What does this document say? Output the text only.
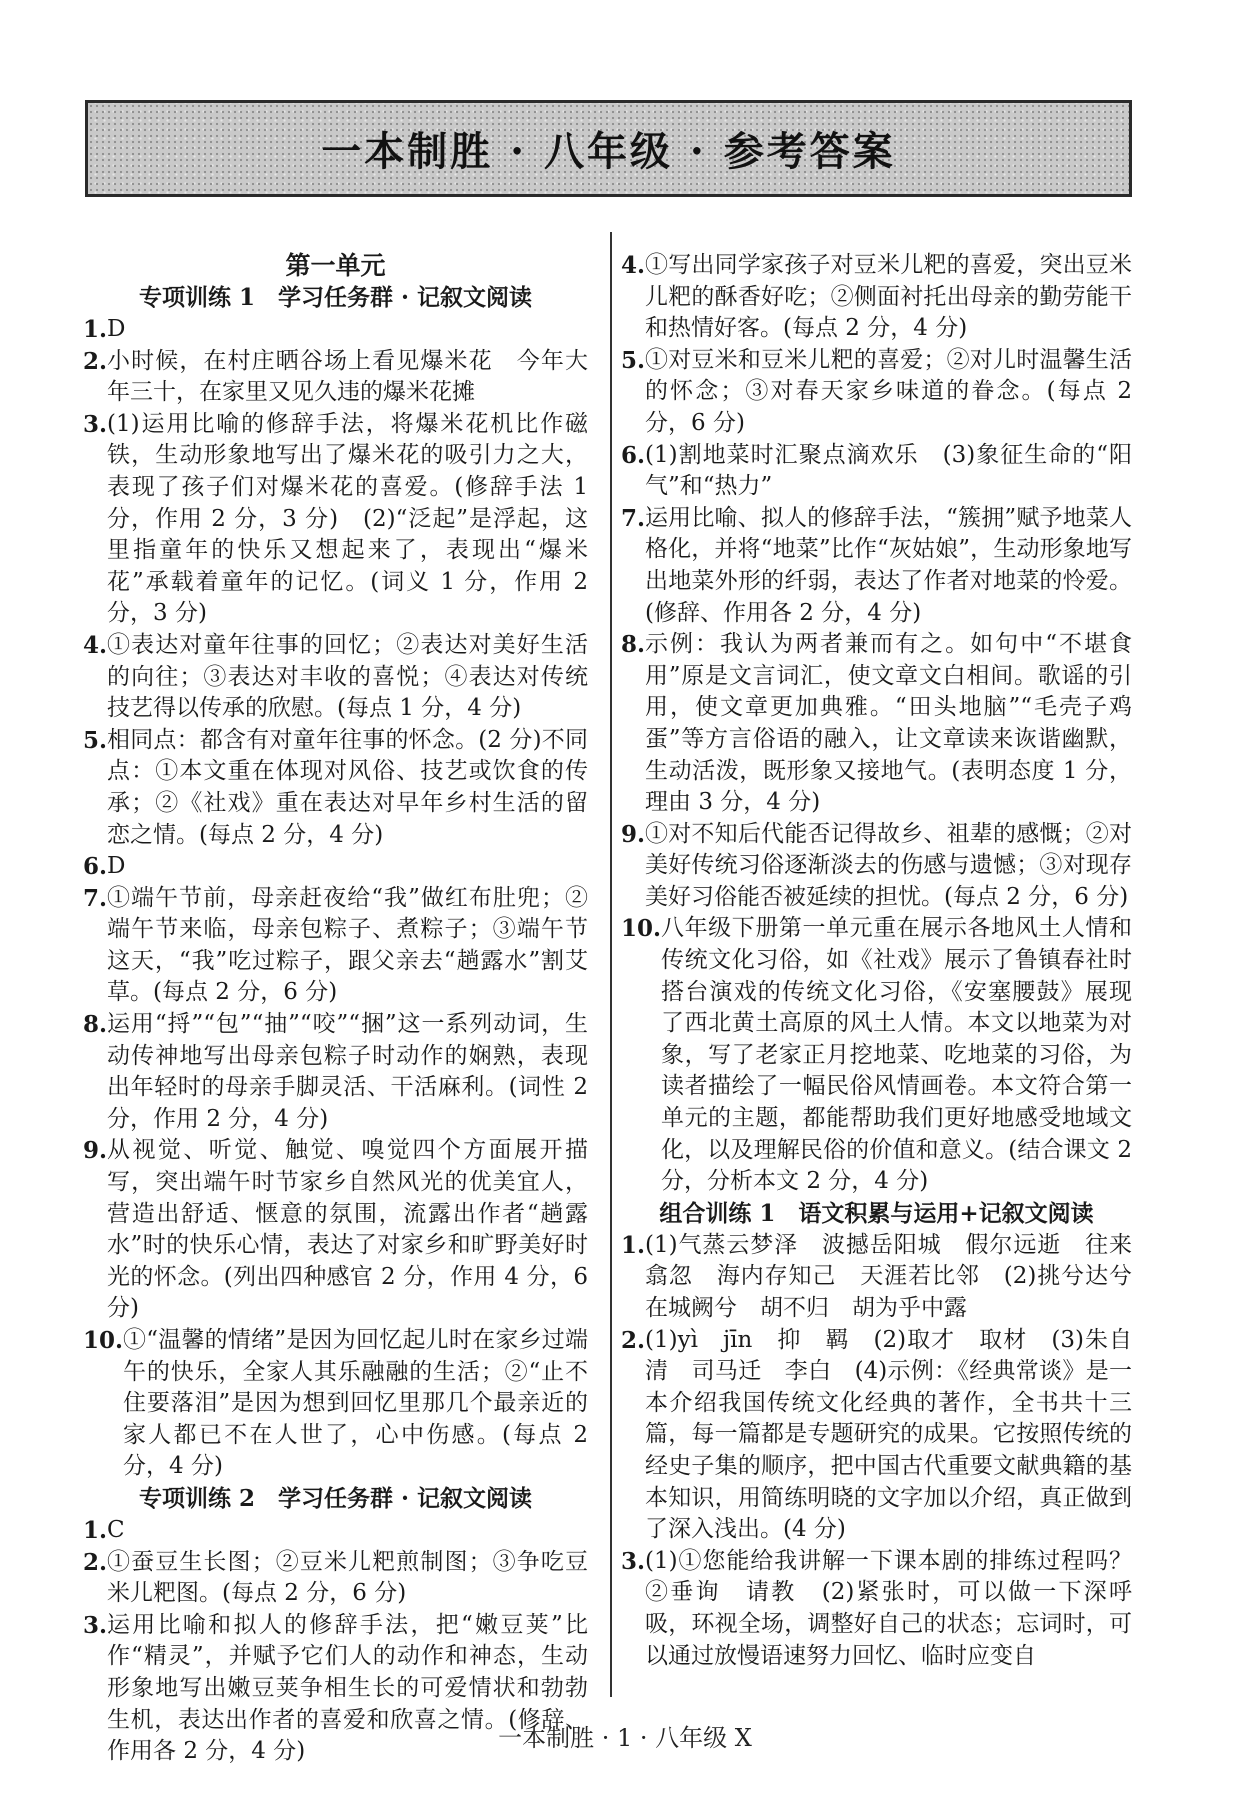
一本制胜 · 八年级 · 参考答案
第一单元
专项训练 1　学习任务群 · 记叙文阅读
1. D
2. 小时候，在村庄晒谷场上看见爆米花　今年大年三十，在家里又见久违的爆米花摊
3. (1)运用比喻的修辞手法，将爆米花机比作磁铁，生动形象地写出了爆米花的吸引力之大，表现了孩子们对爆米花的喜爱。(修辞手法 1 分，作用 2 分，3 分)　(2)“泛起”是浮起，这里指童年的快乐又想起来了，表现出“爆米花”承载着童年的记忆。(词义 1 分，作用 2 分，3 分)
4. ①表达对童年往事的回忆；②表达对美好生活的向往；③表达对丰收的喜悦；④表达对传统技艺得以传承的欣慰。(每点 1 分，4 分)
5. 相同点：都含有对童年往事的怀念。(2 分)不同点：①本文重在体现对风俗、技艺或饮食的传承；②《社戏》重在表达对早年乡村生活的留恋之情。(每点 2 分，4 分)
6. D
7. ①端午节前，母亲赶夜给“我”做红布肚兜；②端午节来临，母亲包粽子、煮粽子；③端午节这天，“我”吃过粽子，跟父亲去“趟露水”割艾草。(每点 2 分，6 分)
8. 运用“捋”“包”“抽”“咬”“捆”这一系列动词，生动传神地写出母亲包粽子时动作的娴熟，表现出年轻时的母亲手脚灵活、干活麻利。(词性 2 分，作用 2 分，4 分)
9. 从视觉、听觉、触觉、嗅觉四个方面展开描写，突出端午时节家乡自然风光的优美宜人，营造出舒适、惬意的氛围，流露出作者“趟露水”时的快乐心情，表达了对家乡和旷野美好时光的怀念。(列出四种感官 2 分，作用 4 分，6 分)
10. ①“温馨的情绪”是因为回忆起儿时在家乡过端午的快乐，全家人其乐融融的生活；②“止不住要落泪”是因为想到回忆里那几个最亲近的家人都已不在人世了，心中伤感。(每点 2 分，4 分)
专项训练 2　学习任务群 · 记叙文阅读
1. C
2. ①蚕豆生长图；②豆米儿粑煎制图；③争吃豆米儿粑图。(每点 2 分，6 分)
3. 运用比喻和拟人的修辞手法，把“嫩豆荚”比作“精灵”，并赋予它们人的动作和神态，生动形象地写出嫩豆荚争相生长的可爱情状和勃勃生机，表达出作者的喜爱和欣喜之情。(修辞、作用各 2 分，4 分)
4. ①写出同学家孩子对豆米儿粑的喜爱，突出豆米儿粑的酥香好吃；②侧面衬托出母亲的勤劳能干和热情好客。(每点 2 分，4 分)
5. ①对豆米和豆米儿粑的喜爱；②对儿时温馨生活的怀念；③对春天家乡味道的眷念。(每点 2 分，6 分)
6. (1)割地菜时汇聚点滴欢乐　(3)象征生命的“阳气”和“热力”
7. 运用比喻、拟人的修辞手法，“簇拥”赋予地菜人格化，并将“地菜”比作“灰姑娘”，生动形象地写出地菜外形的纤弱，表达了作者对地菜的怜爱。(修辞、作用各 2 分，4 分)
8. 示例：我认为两者兼而有之。如句中“不堪食用”原是文言词汇，使文章文白相间。歌谣的引用，使文章更加典雅。“田头地脑”“毛壳子鸡蛋”等方言俗语的融入，让文章读来诙谐幽默，生动活泼，既形象又接地气。(表明态度 1 分，理由 3 分，4 分)
9. ①对不知后代能否记得故乡、祖辈的感慨；②对美好传统习俗逐渐淡去的伤感与遗憾；③对现存美好习俗能否被延续的担忧。(每点 2 分，6 分)
10. 八年级下册第一单元重在展示各地风土人情和传统文化习俗，如《社戏》展示了鲁镇春社时搭台演戏的传统文化习俗，《安塞腰鼓》展现了西北黄土高原的风土人情。本文以地菜为对象，写了老家正月挖地菜、吃地菜的习俗，为读者描绘了一幅民俗风情画卷。本文符合第一单元的主题，都能帮助我们更好地感受地域文化，以及理解民俗的价值和意义。(结合课文 2 分，分析本文 2 分，4 分)
组合训练 1　语文积累与运用+记叙文阅读
1. (1)气蒸云梦泽　波撼岳阳城　假尔远逝　往来翕忽　海内存知己　天涯若比邻　(2)挑兮达兮　在城阙兮　胡不归　胡为乎中露
2. (1)yì　jīn　抑　羁　(2)取才　取材　(3)朱自清　司马迁　李白　(4)示例：《经典常谈》是一本介绍我国传统文化经典的著作，全书共十三篇，每一篇都是专题研究的成果。它按照传统的经史子集的顺序，把中国古代重要文献典籍的基本知识，用简练明晓的文字加以介绍，真正做到了深入浅出。(4 分)
3. (1)①您能给我讲解一下课本剧的排练过程吗？　②垂询　请教　(2)紧张时，可以做一下深呼吸，环视全场，调整好自己的状态；忘词时，可以通过放慢语速努力回忆、临时应变自
一本制胜 · 1 · 八年级 X
